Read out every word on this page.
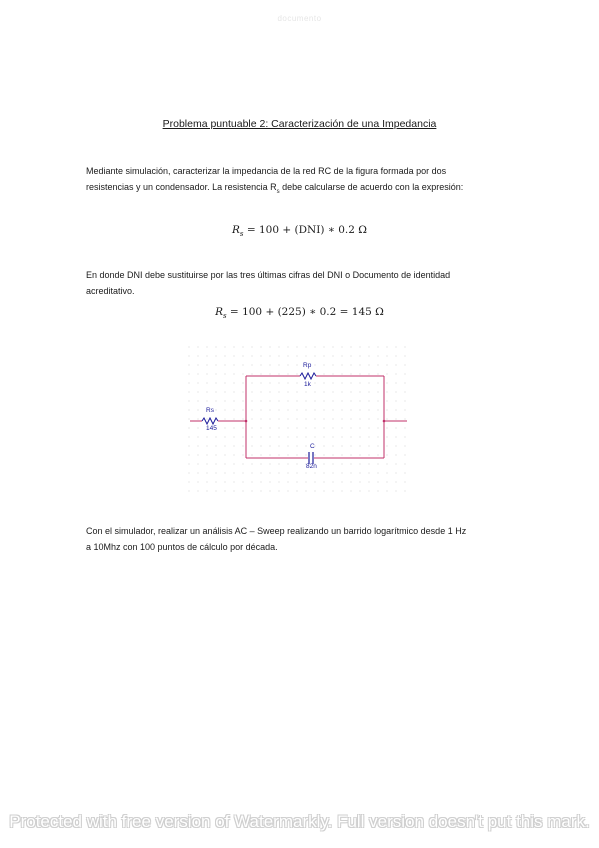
documento
Problema puntuable 2: Caracterización de una Impedancia

Mediante simulación, caracterizar la impedancia de la red RC de la figura formada por dos
resistencias y un condensador. La resistencia $R_s$ debe calcularse de acuerdo con la expresión:

$R_s = 100 + (DNI)$ ∗ 0.2 Ω

En donde DNI debe sustituirse por las tres últimas cifras del DNI o Documento de identidad
acreditativo.

$R_s = 100 + (225)$ ∗ 0.2 = 145 Ω
Rs
145
Rp
1k
C
82n

Con el simulador, realizar un análisis AC – Sweep realizando un barrido logarítmico desde 1 Hz
a 10Mhz con 100 puntos de cálculo por década.

Protected with free version of Watermarkly. Full version doesn't put this mark.
